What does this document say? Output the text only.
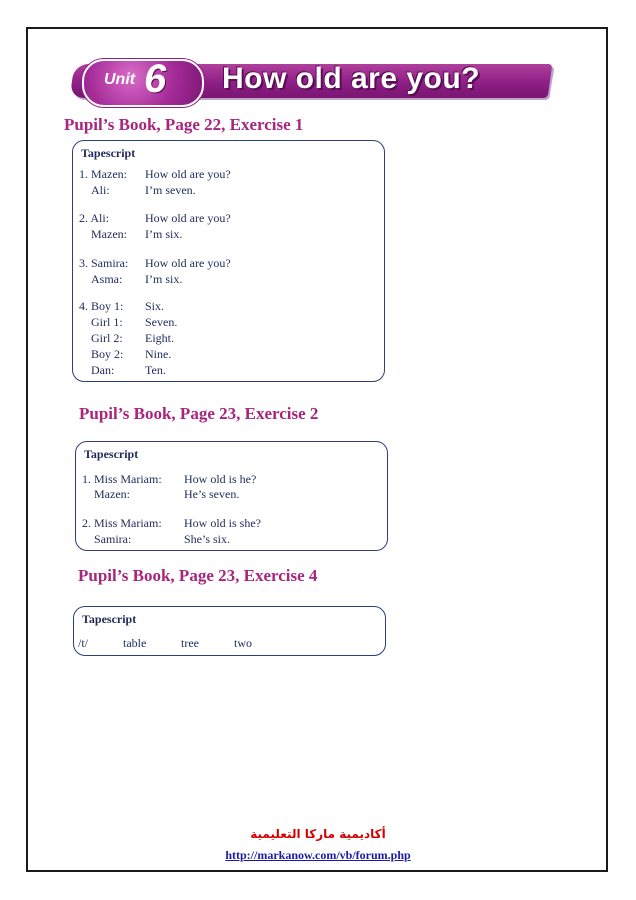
Unit 6 How old are you?
Pupil’s Book, Page 22, Exercise 1
Tapescript
1. Mazen: How old are you?
Ali:	I’m seven.
2. Ali:	How old are you?
Mazen: I’m six.
3. Samira: How old are you?
Asma: I’m six.
4. Boy 1: Six.
Girl 1: Seven.
Girl 2: Eight.
Boy 2: Nine.
Dan:	Ten.
Pupil’s Book, Page 23, Exercise 2
Tapescript
1. Miss Mariam: How old is he?
Mazen:	He’s seven.
2. Miss Mariam: How old is she?
Samira:	She’s six.
Pupil’s Book, Page 23, Exercise 4
Tapescript
/t/	table	tree	two
أكاديمية ماركا التعليمية
http://markanow.com/vb/forum.php
